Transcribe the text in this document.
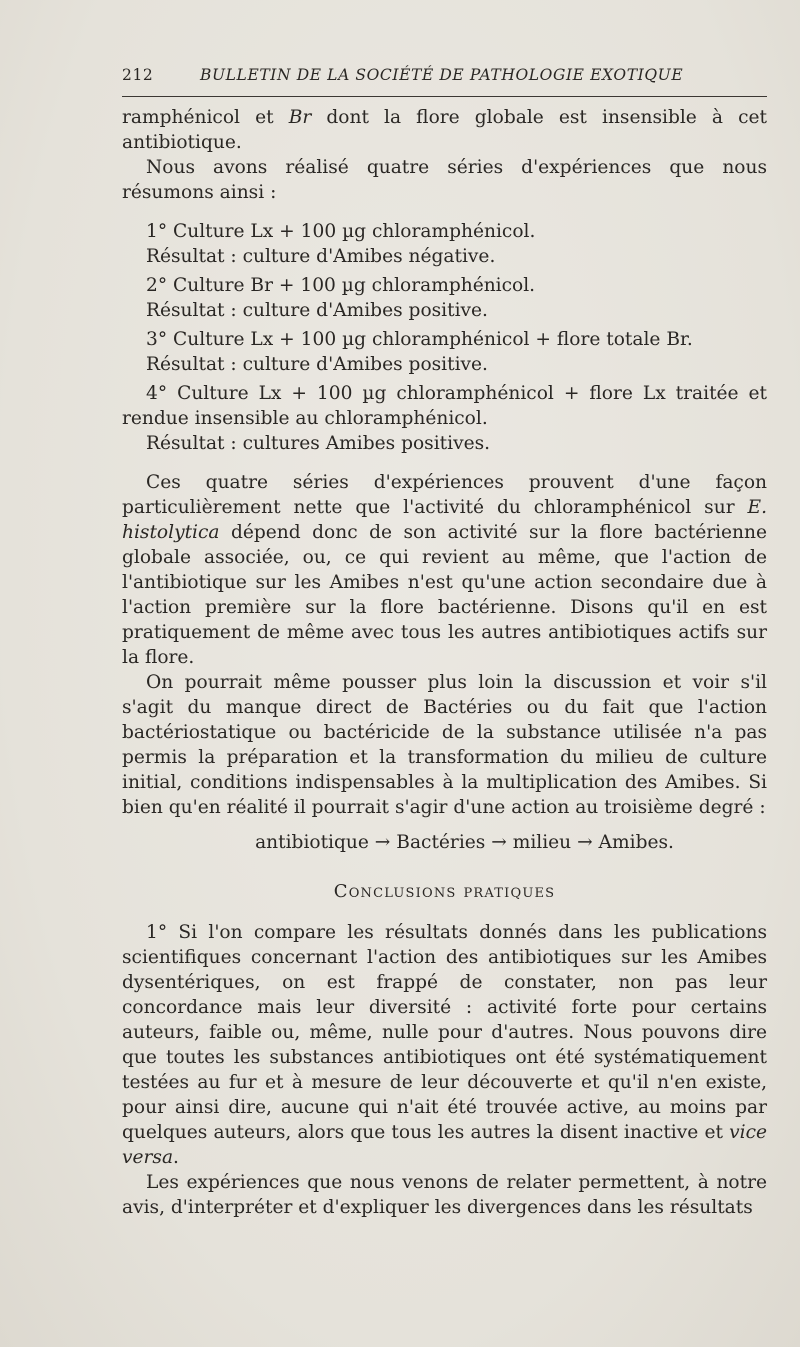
212	BULLETIN DE LA SOCIÉTÉ DE PATHOLOGIE EXOTIQUE

ramphénicol et Br dont la flore globale est insensible à cet antibiotique.

Nous avons réalisé quatre séries d'expériences que nous résumons ainsi :

1° Culture Lx + 100 µg chloramphénicol.

Résultat : culture d'Amibes négative.

2° Culture Br + 100 µg chloramphénicol.

Résultat : culture d'Amibes positive.

3° Culture Lx + 100 µg chloramphénicol + flore totale Br.

Résultat : culture d'Amibes positive.

4° Culture Lx + 100 µg chloramphénicol + flore Lx traitée et rendue insensible au chloramphénicol.

Résultat : cultures Amibes positives.

Ces quatre séries d'expériences prouvent d'une façon particulièrement nette que l'activité du chloramphénicol sur E. histolytica dépend donc de son activité sur la flore bactérienne globale associée, ou, ce qui revient au même, que l'action de l'antibiotique sur les Amibes n'est qu'une action secondaire due à l'action première sur la flore bactérienne. Disons qu'il en est pratiquement de même avec tous les autres antibiotiques actifs sur la flore.

On pourrait même pousser plus loin la discussion et voir s'il s'agit du manque direct de Bactéries ou du fait que l'action bactériostatique ou bactéricide de la substance utilisée n'a pas permis la préparation et la transformation du milieu de culture initial, conditions indispensables à la multiplication des Amibes. Si bien qu'en réalité il pourrait s'agir d'une action au troisième degré :

antibiotique → Bactéries → milieu → Amibes.

Conclusions pratiques

1° Si l'on compare les résultats donnés dans les publications scientifiques concernant l'action des antibiotiques sur les Amibes dysentériques, on est frappé de constater, non pas leur concordance mais leur diversité : activité forte pour certains auteurs, faible ou, même, nulle pour d'autres. Nous pouvons dire que toutes les substances antibiotiques ont été systématiquement testées au fur et à mesure de leur découverte et qu'il n'en existe, pour ainsi dire, aucune qui n'ait été trouvée active, au moins par quelques auteurs, alors que tous les autres la disent inactive et vice versa.

Les expériences que nous venons de relater permettent, à notre avis, d'interpréter et d'expliquer les divergences dans les résultats
